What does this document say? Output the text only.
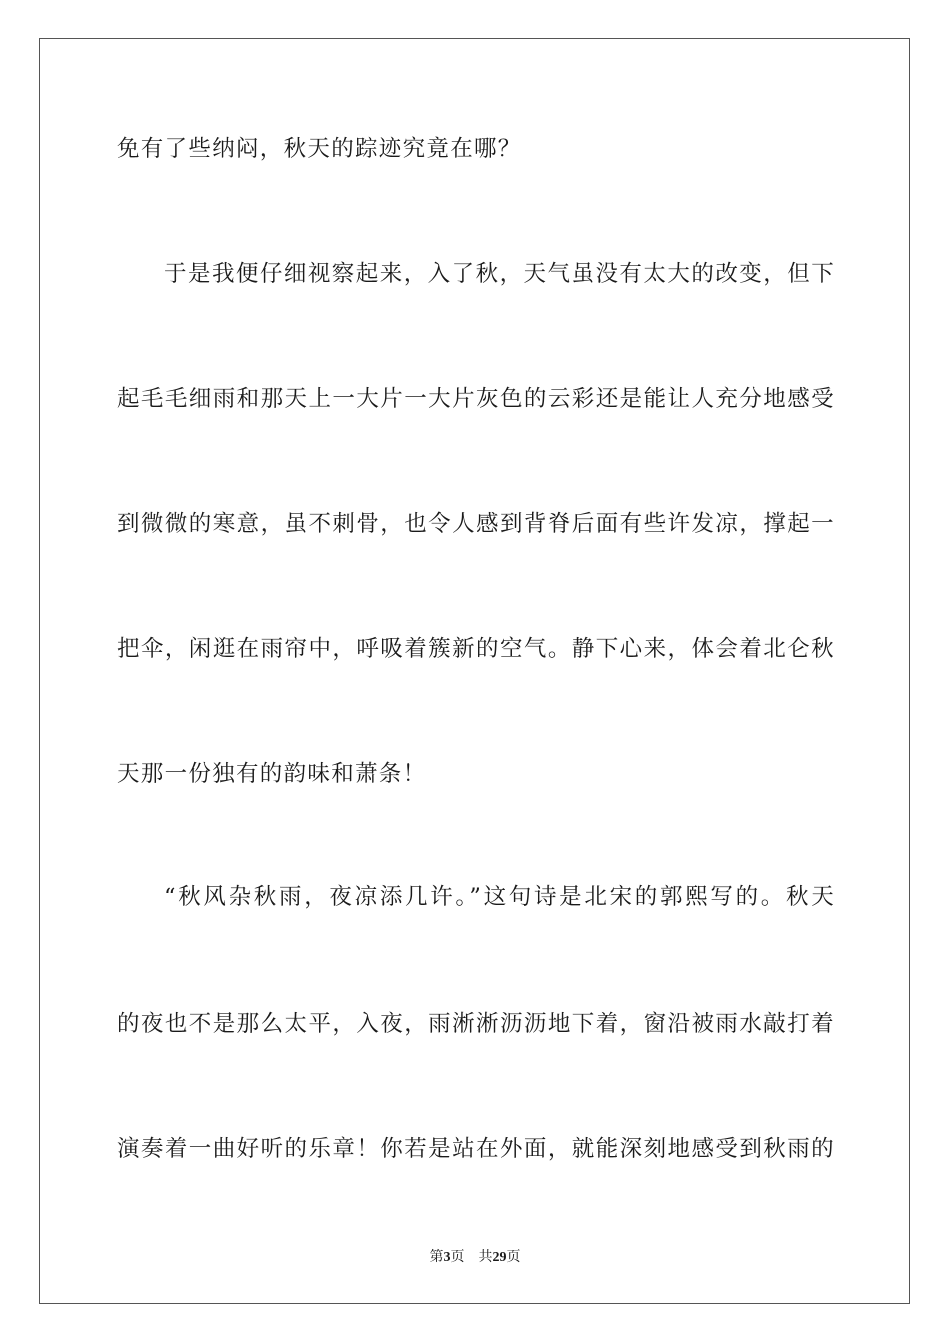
免有了些纳闷，秋天的踪迹究竟在哪？
于是我便仔细视察起来，入了秋，天气虽没有太大的改变，但下
起毛毛细雨和那天上一大片一大片灰色的云彩还是能让人充分地感受
到微微的寒意，虽不刺骨，也令人感到背脊后面有些许发凉，撑起一
把伞，闲逛在雨帘中，呼吸着簇新的空气。静下心来，体会着北仑秋
天那一份独有的韵味和萧条！
“秋风杂秋雨，夜凉添几许。”这句诗是北宋的郭熙写的。秋天
的夜也不是那么太平，入夜，雨淅淅沥沥地下着，窗沿被雨水敲打着
演奏着一曲好听的乐章！你若是站在外面，就能深刻地感受到秋雨的
第3页 共29页
